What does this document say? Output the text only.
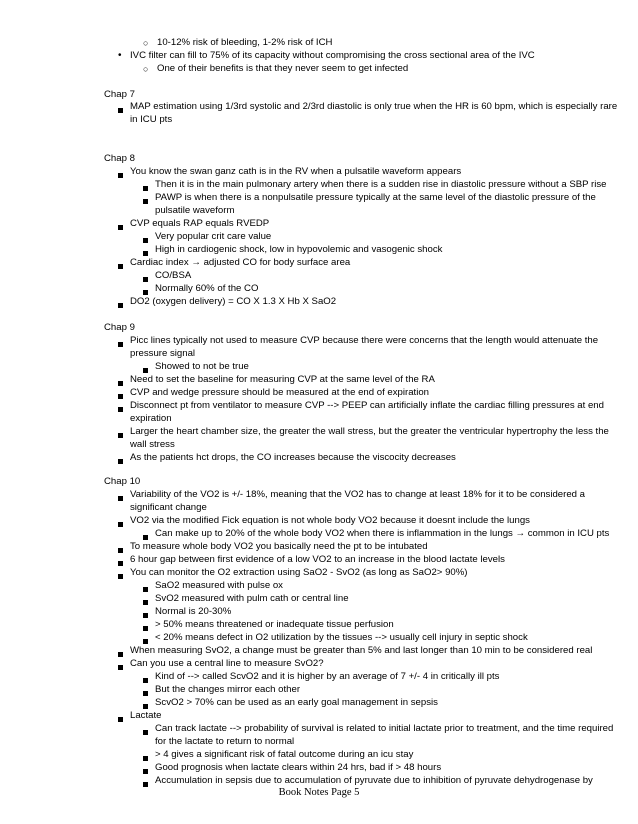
○ 10-12% risk of bleeding, 1-2% risk of ICH
• IVC filter can fill to 75% of its capacity without compromising the cross sectional area of the IVC
○ One of their benefits is that they never seem to get infected
Chap 7
MAP estimation using 1/3rd systolic and 2/3rd diastolic is only true when the HR is 60 bpm, which is especially rare
in ICU pts
Chap 8
You know the swan ganz cath is in the RV when a pulsatile waveform appears
Then it is in the main pulmonary artery when there is a sudden rise in diastolic pressure without a SBP rise
PAWP is when there is a nonpulsatile pressure typically at the same level of the diastolic pressure of the
pulsatile waveform
CVP equals RAP equals RVEDP
Very popular crit care value
High in cardiogenic shock, low in hypovolemic and vasogenic shock
Cardiac index → adjusted CO for body surface area
CO/BSA
Normally 60% of the CO
DO2 (oxygen delivery) = CO X 1.3 X Hb X SaO2
Chap 9
Picc lines typically not used to measure CVP because there were concerns that the length would attenuate the
pressure signal
Showed to not be true
Need to set the baseline for measuring CVP at the same level of the RA
CVP and wedge pressure should be measured at the end of expiration
Disconnect pt from ventilator to measure CVP --> PEEP can artificially inflate the cardiac filling pressures at end
expiration
Larger the heart chamber size, the greater the wall stress, but the greater the ventricular hypertrophy the less the
wall stress
As the patients hct drops, the CO increases because the viscocity decreases
Chap 10
Variability of the VO2 is +/- 18%, meaning that the VO2 has to change at least 18% for it to be considered a
significant change
VO2 via the modified Fick equation is not whole body VO2 because it doesnt include the lungs
Can make up to 20% of the whole body VO2 when there is inflammation in the lungs → common in ICU pts
To measure whole body VO2 you basically need the pt to be intubated
6 hour gap between first evidence of a low VO2 to an increase in the blood lactate levels
You can monitor the O2 extraction using SaO2 - SvO2 (as long as SaO2> 90%)
SaO2 measured with pulse ox
SvO2 measured with pulm cath or central line
Normal is 20-30%
> 50% means threatened or inadequate tissue perfusion
< 20% means defect in O2 utilization by the tissues --> usually cell injury in septic shock
When measuring SvO2, a change must be greater than 5% and last longer than 10 min to be considered real
Can you use a central line to measure SvO2?
Kind of --> called ScvO2 and it is higher by an average of 7 +/- 4 in critically ill pts
But the changes mirror each other
ScvO2 > 70% can be used as an early goal management in sepsis
Lactate
Can track lactate --> probability of survival is related to initial lactate prior to treatment, and the time required
for the lactate to return to normal
> 4 gives a significant risk of fatal outcome during an icu stay
Good prognosis when lactate clears within 24 hrs, bad if > 48 hours
Accumulation in sepsis due to accumulation of pyruvate due to inhibition of pyruvate dehydrogenase by
Book Notes Page 5
